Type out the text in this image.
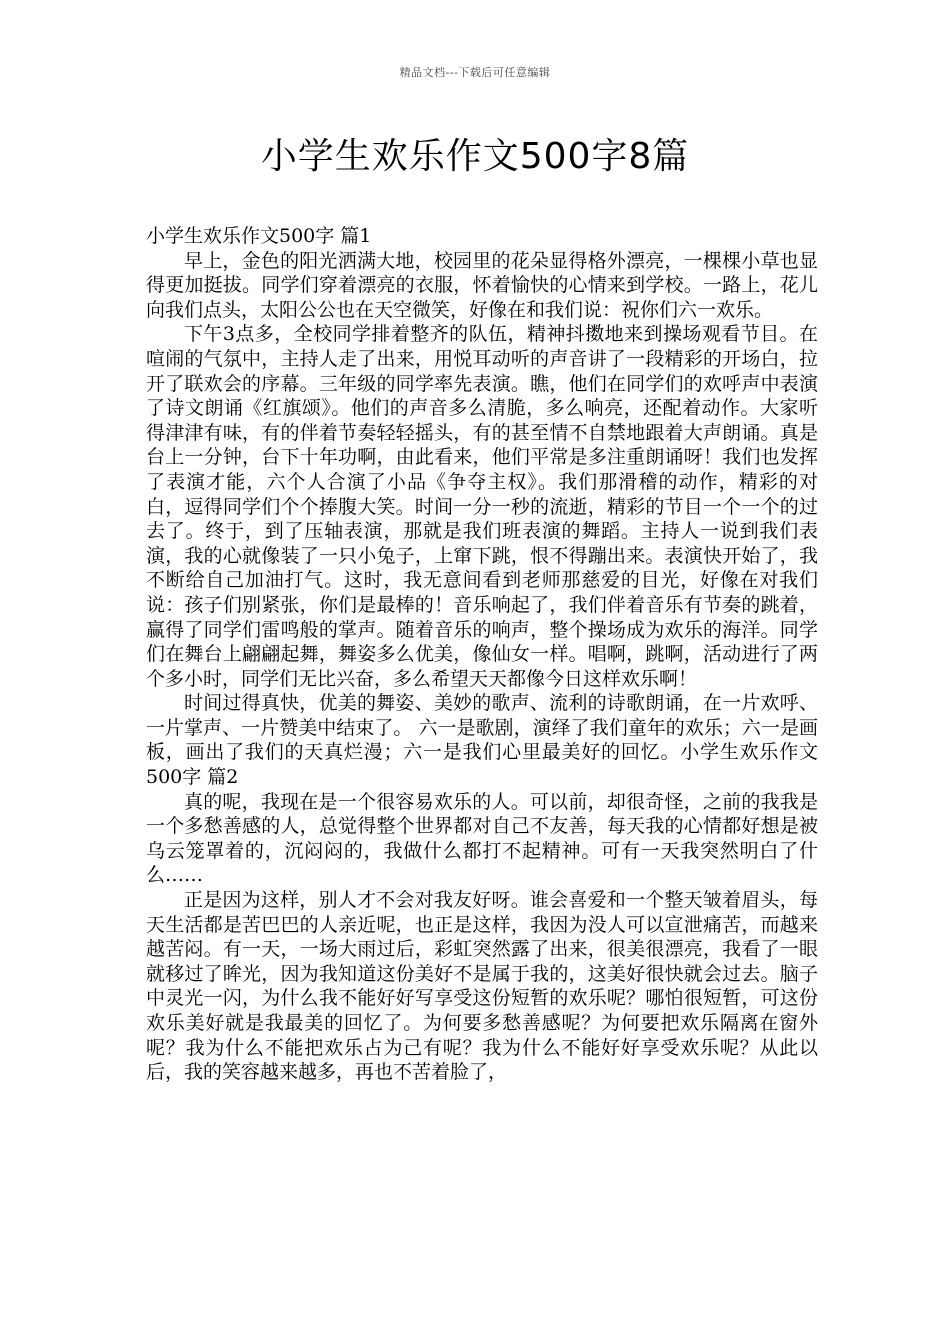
精品文档---下载后可任意编辑
小学生欢乐作文500字8篇

小学生欢乐作文500字 篇1

早上，金色的阳光洒满大地，校园里的花朵显得格外漂亮，一棵棵小草也显得更加挺拔。同学们穿着漂亮的衣服，怀着愉快的心情来到学校。一路上，花儿向我们点头，太阳公公也在天空微笑，好像在和我们说：祝你们六一欢乐。

下午3点多，全校同学排着整齐的队伍，精神抖擞地来到操场观看节目。在喧闹的气氛中，主持人走了出来，用悦耳动听的声音讲了一段精彩的开场白，拉开了联欢会的序幕。三年级的同学率先表演。瞧，他们在同学们的欢呼声中表演了诗文朗诵《红旗颂》。他们的声音多么清脆，多么响亮，还配着动作。大家听得津津有味，有的伴着节奏轻轻摇头，有的甚至情不自禁地跟着大声朗诵。真是台上一分钟，台下十年功啊，由此看来，他们平常是多注重朗诵呀！我们也发挥了表演才能，六个人合演了小品《争夺主权》。我们那滑稽的动作，精彩的对白，逗得同学们个个捧腹大笑。时间一分一秒的流逝，精彩的节目一个一个的过去了。终于，到了压轴表演，那就是我们班表演的舞蹈。主持人一说到我们表演，我的心就像装了一只小兔子，上窜下跳，恨不得蹦出来。表演快开始了，我不断给自己加油打气。这时，我无意间看到老师那慈爱的目光，好像在对我们说：孩子们别紧张，你们是最棒的！音乐响起了，我们伴着音乐有节奏的跳着，赢得了同学们雷鸣般的掌声。随着音乐的响声，整个操场成为欢乐的海洋。同学们在舞台上翩翩起舞，舞姿多么优美，像仙女一样。唱啊，跳啊，活动进行了两个多小时，同学们无比兴奋，多么希望天天都像今日这样欢乐啊！

时间过得真快，优美的舞姿、美妙的歌声、流利的诗歌朗诵，在一片欢呼、一片掌声、一片赞美中结束了。 六一是歌剧，演绎了我们童年的欢乐；六一是画板，画出了我们的天真烂漫；六一是我们心里最美好的回忆。小学生欢乐作文500字 篇2

真的呢，我现在是一个很容易欢乐的人。可以前，却很奇怪，之前的我我是一个多愁善感的人，总觉得整个世界都对自己不友善，每天我的心情都好想是被乌云笼罩着的，沉闷闷的，我做什么都打不起精神。可有一天我突然明白了什么……

正是因为这样，别人才不会对我友好呀。谁会喜爱和一个整天皱着眉头，每天生活都是苦巴巴的人亲近呢，也正是这样，我因为没人可以宣泄痛苦，而越来越苦闷。有一天，一场大雨过后，彩虹突然露了出来，很美很漂亮，我看了一眼就移过了眸光，因为我知道这份美好不是属于我的，这美好很快就会过去。脑子中灵光一闪，为什么我不能好好写享受这份短暂的欢乐呢？哪怕很短暂，可这份欢乐美好就是我最美的回忆了。为何要多愁善感呢？为何要把欢乐隔离在窗外呢？我为什么不能把欢乐占为己有呢？我为什么不能好好享受欢乐呢？从此以后，我的笑容越来越多，再也不苦着脸了，
